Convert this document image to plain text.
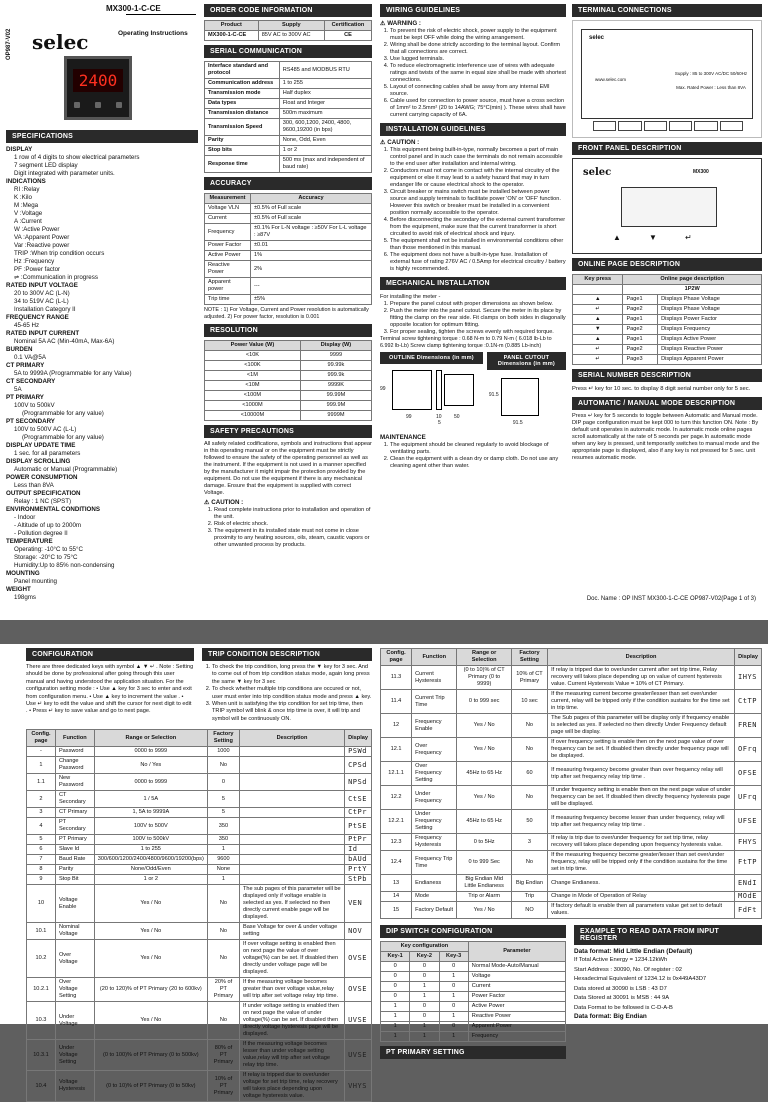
OP987-V02 selec
MX300-1-C-CE
Operating Instructions
2400
SPECIFICATIONS
DISPLAY
1 row of 4 digits to show electrical parameters
7 segment LED display
Digit integrated with parameter units.
INDICATIONS
RI :Relay
K :Kilo
M :Mega
V :Voltage
A :Current
W :Active Power
VA :Apparent Power
Var :Reactive power
TRIP :When trip condition occurs
Hz :Frequency
PF :Power factor
⇌ :Communication in progress
RATED INPUT VOLTAGE
20 to 300V AC (L-N)
34 to 519V AC (L-L)
Installation Category II
FREQUENCY RANGE
45-65 Hz
RATED INPUT CURRENT
Nominal 5A AC (Min-40mA, Max-6A)
BURDEN
0.1 VA@5A
CT PRIMARY
5A to 9999A (Programmable for any Value)
CT SECONDARY
5A
PT PRIMARY
100V to 500kV
(Programmable for any value)
PT SECONDARY
100V to 500V AC (L-L)
(Programmable for any value)
DISPLAY UPDATE TIME
1 sec. for all parameters
DISPLAY SCROLLING
Automatic or Manual (Programmable)
POWER CONSUMPTION
Less than 8VA
OUTPUT SPECIFICATION
Relay : 1 NC (SPST)
ENVIRONMENTAL CONDITIONS
- Indoor
- Altitude of up to 2000m
- Pollution degree II
TEMPERATURE
Operating: -10°C to 55°C
Storage: -20°C to 75°C
Humidity:Up to 85% non-condensing
MOUNTING
Panel mounting
WEIGHT
198gms
ORDER CODE INFORMATION
Product	Supply	Certification
MX300-1-C-CE	85V AC to 300V AC	CE
SERIAL COMMUNICATION
Interface standard and protocol	RS485 and MODBUS RTU
Communication address	1 to 255
Transmission mode	Half duplex
Data types	Float and Integer
Transmission distance	500m maximum
Transmission Speed	300, 600,1200, 2400, 4800, 9600,19200 (in bps)
Parity	None, Odd, Even
Stop bits	1 or 2
Response time	500 ms (max and independent of baud rate)
ACCURACY
Measurement	Accuracy
Voltage VLN	±0.5% of Full scale
Current	±0.5% of Full scale
Frequency	±0.1% For L-N voltage : ≥50V For L-L voltage : ≥87V
Power Factor	±0.01
Active Power	1%
Reactive Power	2%
Apparent power	---
Trip time	±5%
NOTE : 1) For Voltage, Current and Power resolution is automatically adjusted. 2) For power factor, resolution is 0.001
RESOLUTION
Power Value (W)	Display (W)
<10K	9999
<100K	99.99k
<1M	999.9k
<10M	9999K
<100M	99.99M
<1000M	999.9M
<10000M	9999M
SAFETY PRECAUTIONS
All safety related codifications, symbols and instructions that appear in this operating manual or on the equipment must be strictly followed to ensure the safety of the operating personnel as well as the instrument. If the equipment is not used in a manner specified by the manufacturer it might impair the protection provided by the equipment. Do not use the equipment if there is any mechanical damage. Ensure that the equipment is supplied with correct Voltage.
⚠ CAUTION :
1. Read complete instructions prior to installation and operation of the unit.
2. Risk of electric shock.
3. The equipment in its installed state must not come in close proximity to any heating sources, oils, steam, caustic vapors or other unwanted process by products.
WIRING GUIDELINES
⚠ WARNING :
1. To prevent the risk of electric shock, power supply to the equipment must be kept OFF while doing the wiring arrangement.
2. Wiring shall be done strictly according to the terminal layout. Confirm that all connections are correct.
3. Use lugged terminals.
4. To reduce electromagnetic interference use of wires with adequate ratings and twists of the same in equal size shall be made with shortest connections.
5. Layout of connecting cables shall be away from any internal EMI source.
6. Cable used for connection to power source, must have a cross section of 1mm² to 2.5mm² (20 to 14AWG; 75°C(min) ). These wires shall have current carrying capacity of 6A.
INSTALLATION GUIDELINES
⚠ CAUTION :
1. This equipment being built-in-type, normally becomes a part of main control panel and in such case the terminals do not remain accessible to the end user after installation and internal wiring.
2. Conductors must not come in contact with the internal circuitry of the equipment or else it may lead to a safety hazard that may in turn endanger life or cause electrical shock to the operator.
3. Circuit breaker or mains switch must be installed between power source and supply terminals to facilitate power 'ON' or 'OFF' function. However this switch or breaker must be installed in a convenient position normally accessible to the operator.
4. Before disconnecting the secondary of the external current transformer from the equipment, make sure that the current transformer is short circuited to avoid risk of electrical shock and injury.
5. The equipment shall not be installed in environmental conditions other than those mentioned in this manual.
6. The equipment does not have a built-in-type fuse. Installation of external fuse of rating 276V AC / 0.5Amp for electrical circuitry / battery is highly recommended.
MECHANICAL INSTALLATION
For installing the meter -
1. Prepare the panel cutout with proper dimensions as shown below.
2. Push the meter into the panel cutout. Secure the meter in its place by fitting the clamp on the rear side. Fit clamps on both sides in diagonally opposite location for optimum fitting.
3. For proper sealing, tighten the screws evenly with required torque.
Terminal screw tightening torque : 0.68 N-m to 0.79 N-m ( 6.018 lb-Lb to 6.992 lb-Lb) Screw clamp tightening torque :0.1N-m (0.885 Lb-inch)
OUTLINE Dimensions (in mm)
99
99	10 50
5
PANEL CUTOUT Dimensions (in mm)
91.5
91.5
MAINTENANCE
1. The equipment should be cleaned regularly to avoid blockage of ventilating parts.
2. Clean the equipment with a clean dry or damp cloth. Do not use any cleaning agent other than water.
TERMINAL CONNECTIONS
selec
www.selec.com
Supply : 85 to 300V AC/DC 50/60Hz
Max. Rated Power : Less than 8VA
FRONT PANEL DESCRIPTION
selec	MX300
▲	▼	↵
ONLINE PAGE DESCRIPTION
Key press	Online page description	
	1P2W	
▲	Page1	Displays Phase Voltage
↵	Page2	Displays Phase Voltage
▲	Page1	Displays Power Factor
▼	Page2	Displays Frequency
▲	Page1	Displays Active Power
↵	Page2	Displays Reactive Power
↵	Page3	Displays Apparent Power
SERIAL NUMBER DESCRIPTION
Press ↵ key for 10 sec. to display 8 digit serial number only for 5 sec.
AUTOMATIC / MANUAL MODE DESCRIPTION
Press ↵ key for 5 seconds to toggle between Automatic and Manual mode. DIP page configuration must be kept 000 to turn this function ON. Note : By default unit operates in automatic mode. In automatic mode online pages scroll automatically at the rate of 5 seconds per page.In automatic mode when any key is pressed, unit temporarily switches to manual mode and the appropriate page is displayed, also if any key is not pressed for 5 sec. unit resumes automatic mode.
Doc. Name : OP INST MX300-1-C-CE OP987-V02(Page 1 of 3)
CONFIGURATION
There are three dedicated keys with symbol ▲ ▼ ↵ . Note : Setting should be done by professional after going through this user manual and having understood the application situation. For the configuration setting mode : • Use ▲ key for 3 sec to enter and exit from configuration menu. • Use ▲ key to increment the value . • Use ↵ key to edit the value and shift the cursor for next digit to edit . • Press ↵ key to save value and go to next page.
TRIP CONDITION DESCRIPTION
1. To check the trip condition, long press the ▼ key for 3 sec. And to come out of from trip condition status mode, again long press the same ▼ key for 3 sec
2. To check whether multiple trip conditions are occured or not, user must enter into trip condition status mode and press ▲ key.
3. When unit is satisfying the trip condition for set trip time, then TRIP symbol will blink & once trip time is over, it will trip and symbol will be continuously ON.
Config. page	Function	Range or Selection	Factory Setting	Description	Display
-	Password	0000 to 9999	1000		PSWd
1	Change Password	No / Yes	No		CPSd
1.1	New Password	0000 to 9999	0		NPSd
2	CT Secondary	1 / 5A	5		CtSE
3	CT Primary	1, 5A to 9999A	5		CtPr
4	PT Secondary	100V to 500V	350		PtSE
5	PT Primary	100V to 500kV	350		PtPr
6	Slave Id	1 to 255	1		Id
7	Baud Rate	300/600/1200/2400/4800/9600/19200(bps)	9600		bAUd
8	Parity	None/Odd/Even	None		PrtY
9	Stop Bit	1 or 2	1		StPb
10	Voltage Enable	Yes / No	No	The sub pages of this parameter will be displayed only if voltage enable is selected as yes. If selected no then directly current enable page will be displayed.	VEN
10.1	Nominal Voltage	Yes / No	No	Base Voltage for over & under voltage setting	NOV
10.2	Over Voltage	Yes / No	No	If over voltage setting is enabled then on next page the value of over voltage(%) can be set. If disabled then directly under voltage page will be displayed.	OVSE
10.2.1	Over Voltage Setting	(20 to 120)% of PT Primary (20 to 600kv)	20% of PT Primary	If the measuring voltage becomes greater than over voltage value,relay will trip after set voltage relay trip time.	OVSE
10.3	Under Voltage	Yes / No	No	If under voltage setting is enabled then on next page the value of under voltage(%) can be set. If disabled then directly voltage hysteresis page will be displayed.	UVSE
10.3.1	Under Voltage Setting	(0 to 100)% of PT Primary (0 to 500kv)	80% of PT Primary	If the measuring voltage becomes lesser than under voltage setting value,relay will trip after set voltage relay trip time.	UVSE
10.4	Voltage Hysteresis	(0 to 10)% of PT Primary (0 to 50kv)	10% of PT Primary	If relay is tripped due to over/under voltage for set trip time, relay recovery will takes place depending upon voltage hysteresis value.	VHYS
Config. page	Function	Range or Selection	Factory Setting	Description	Display
11.3	Current Hysteresis	(0 to 10)% of CT Primary (0 to 9999)	10% of CT Primary	If relay is tripped due to over/under current after set trip time, Relay recovery will takes place depending up on value of current hysteresis value. Current Hysteresis Value = 10% of CT Primary.	IHYS
11.4	Current Trip Time	0 to 999 sec	10 sec	If the measuring current become greater/lesser than set over/under current, relay will be tripped only if the condition sustains for the time set in trip time.	CtTP
12	Frequency Enable	Yes / No	No	The Sub pages of this parameter will be display only if frequency enable is selected as yes. If selected no then directly Under Frequency default page will be display.	FREN
12.1	Over Frequency	Yes / No	No	If over frequency setting is enable then on the next page value of over frequency can be set. If disabled then directly under frequency page will be displayed.	OFrq
12.1.1	Over Frequency Setting	45Hz to 65 Hz	60	If measuring frequency become greater than over frequency relay will trip after set frequency relay trip time .	OFSE
12.2	Under Frequency	Yes / No	No	If under frequency setting is enable then on the next page value of under frequency can be set. If disabled then directly frequency hysteresis page will be displayed.	UFrq
12.2.1	Under Frequency Setting	45Hz to 65 Hz	50	If measuring frequency become lesser than under frequency, relay will trip after set frequency relay trip time .	UFSE
12.3	Frequency Hysteresis	0 to 5Hz	3	If relay is trip due to over/under frequency for set trip time, relay recovery will takes place depending upon frequency hysteresis value.	FHYS
12.4	Frequency Trip Time	0 to 999 Sec	No	If the measuring frequency become greater/lesser than set over/under frequency, relay will be tripped only if the condition sustains for the time set in trip time.	FtTP
13	Endianess	Big Endian Mid Little Endianess	Big Endian	Change Endianess.	ENdI
14	Mode	Trip or Alarm	Trip	Change in Mode of Operation of Relay	MOdE
15	Factory Default	Yes / No	NO	If factory default is enable then all parameters value get set to default values.	FdFt
DIP SWITCH CONFIGURATION
Key configuration			Parameter
Key-1	Key-2	Key-3	
0	0	0	Normal Mode-Auto/Manual
0	0	1	Voltage
0	1	0	Current
0	1	1	Power Factor
1	0	0	Active Power
1	0	1	Reactive Power
1	1	0	Apparent Power
1	1	1	Frequency
PT PRIMARY SETTING
EXAMPLE TO READ DATA FROM INPUT REGISTER
Data format: Mid Little Endian (Default)
If Total Active Energy = 1234.12kWh
Start Address : 30090, No. Of register : 02
Hexadecimal Equivalent of 1234.12 is 0x449A43D7
Data stored at 30090 is LSB : 43 D7
Data Stored at 30091 is MSB : 44 9A
Data Format to be followed is C-D-A-B
Data format: Big Endian
